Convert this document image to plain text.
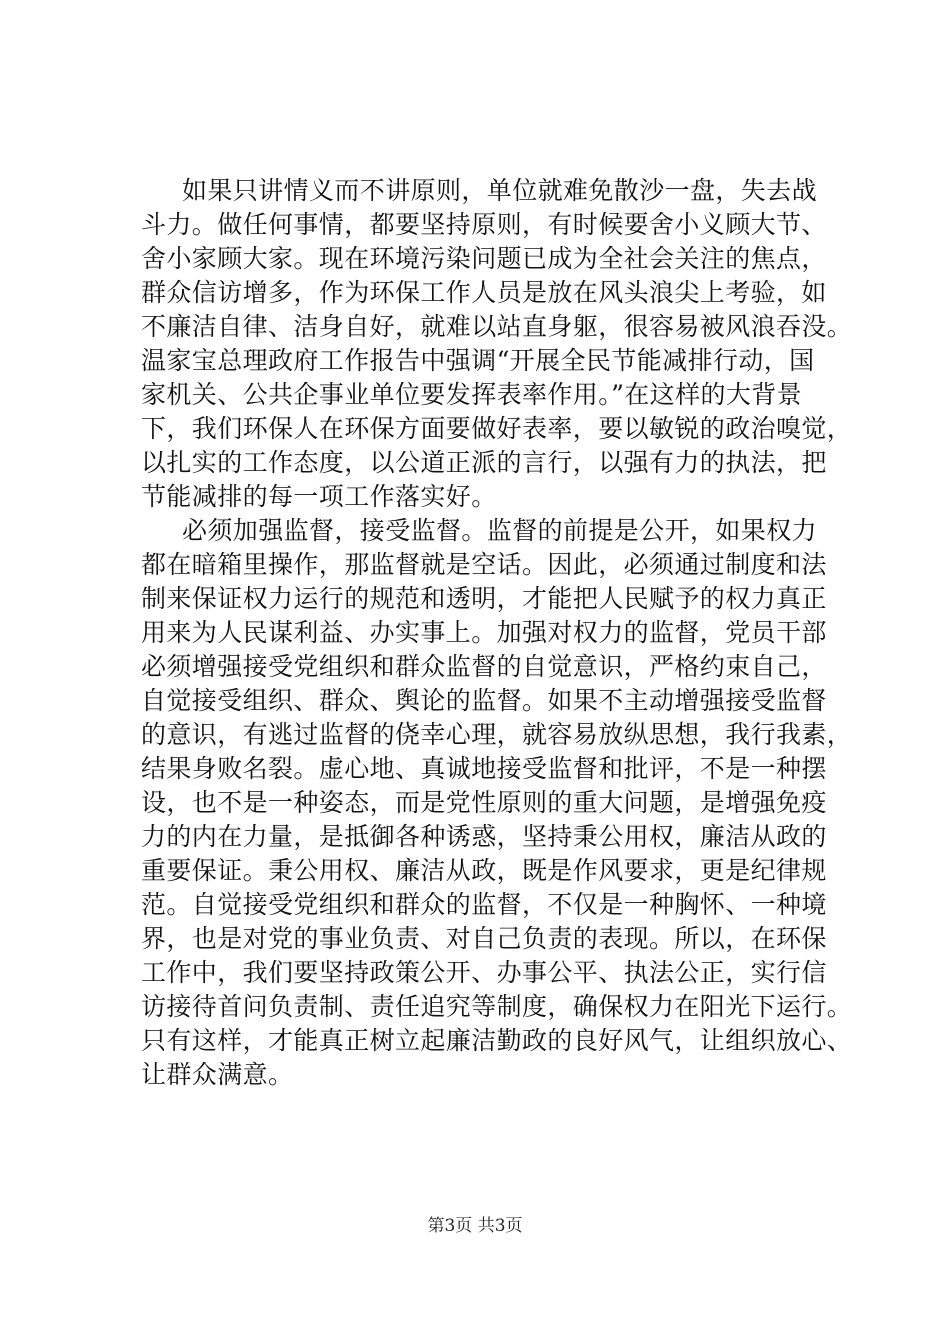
如果只讲情义而不讲原则，单位就难免散沙一盘，失去战
斗力。做任何事情，都要坚持原则，有时候要舍小义顾大节、
舍小家顾大家。现在环境污染问题已成为全社会关注的焦点，
群众信访增多，作为环保工作人员是放在风头浪尖上考验，如
不廉洁自律、洁身自好，就难以站直身躯，很容易被风浪吞没。
温家宝总理政府工作报告中强调“开展全民节能减排行动，国
家机关、公共企事业单位要发挥表率作用。”在这样的大背景
下，我们环保人在环保方面要做好表率，要以敏锐的政治嗅觉，
以扎实的工作态度，以公道正派的言行，以强有力的执法，把
节能减排的每一项工作落实好。
必须加强监督，接受监督。监督的前提是公开，如果权力
都在暗箱里操作，那监督就是空话。因此，必须通过制度和法
制来保证权力运行的规范和透明，才能把人民赋予的权力真正
用来为人民谋利益、办实事上。加强对权力的监督，党员干部
必须增强接受党组织和群众监督的自觉意识，严格约束自己，
自觉接受组织、群众、舆论的监督。如果不主动增强接受监督
的意识，有逃过监督的侥幸心理，就容易放纵思想，我行我素，
结果身败名裂。虚心地、真诚地接受监督和批评，不是一种摆
设，也不是一种姿态，而是党性原则的重大问题，是增强免疫
力的内在力量，是抵御各种诱惑，坚持秉公用权，廉洁从政的
重要保证。秉公用权、廉洁从政，既是作风要求，更是纪律规
范。自觉接受党组织和群众的监督，不仅是一种胸怀、一种境
界，也是对党的事业负责、对自己负责的表现。所以，在环保
工作中，我们要坚持政策公开、办事公平、执法公正，实行信
访接待首问负责制、责任追究等制度，确保权力在阳光下运行。
只有这样，才能真正树立起廉洁勤政的良好风气，让组织放心、
让群众满意。
第3页 共3页
